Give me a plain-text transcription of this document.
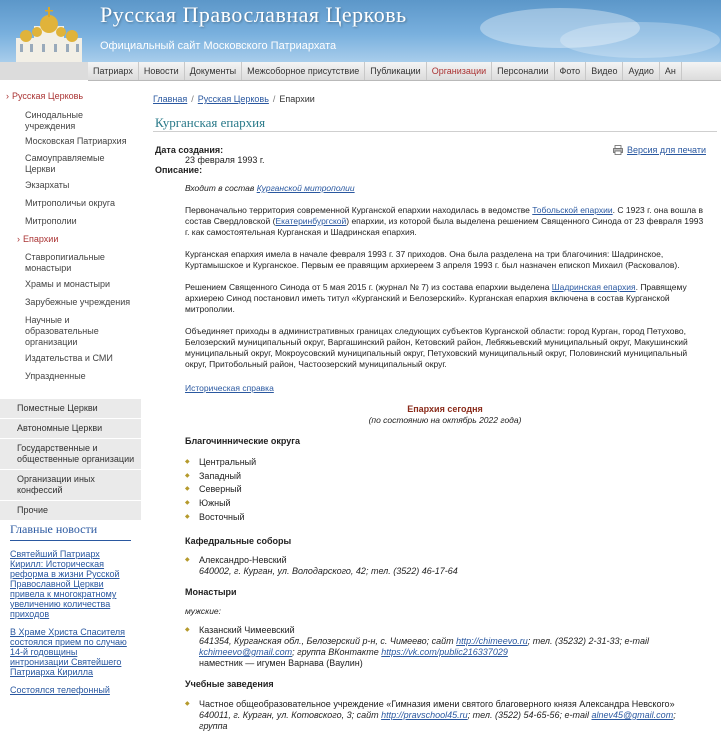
Русская Православная Церковь
Официальный сайт Московского Патриархата
Патриарх	Новости	Документы	Межсоборное присутствие	Публикации	Организации	Персоналии	Фото	Видео	Аудио	Ан
› Русская Церковь
Синодальные учреждения
Московская Патриархия
Самоуправляемые Церкви
Экзархаты
Митрополичьи округа
Митрополии
› Епархии
Ставропигиальные монастыри
Храмы и монастыри
Зарубежные учреждения
Научные и образовательные организации
Издательства и СМИ
Упраздненные
Поместные Церкви
Автономные Церкви
Государственные и общественные организации
Организации иных конфессий
Прочие
Главные новости
Святейший Патриарх Кирилл: Историческая реформа в жизни Русской Православной Церкви привела к многократному увеличению количества приходов
В Храме Христа Спасителя состоялся прием по случаю 14-й годовщины интронизации Святейшего Патриарха Кирилла
Состоялся телефонный
Главная / Русская Церковь / Епархии
Курганская епархия
Версия для печати
Дата создания:
23 февраля 1993 г.
Описание:
Входит в состав Курганской митрополии
Первоначально территория современной Курганской епархии находилась в ведомстве Тобольской епархии. С 1923 г. она вошла в состав Свердловской (Екатеринбургской) епархии, из которой была выделена решением Священного Синода от 23 февраля 1993 г. как самостоятельная Курганская и Шадринская епархия.
Курганская епархия имела в начале февраля 1993 г. 37 приходов. Она была разделена на три благочиния: Шадринское, Куртамышское и Курганское. Первым ее правящим архиереем 3 апреля 1993 г. был назначен епископ Михаил (Расковалов).
Решением Священного Синода от 5 мая 2015 г. (журнал № 7) из состава епархии выделена Шадринская епархия. Правящему архиерею Синод постановил иметь титул «Курганский и Белозерский». Курганская епархия включена в состав Курганской митрополии.
Объединяет приходы в административных границах следующих субъектов Курганской области: город Курган, город Петухово, Белозерский муниципальный округ, Варгашинский район, Кетовский район, Лебяжьевский муниципальный округ, Макушинский муниципальный округ, Мокроусовский муниципальный округ, Петуховский муниципальный округ, Половинский муниципальный округ, Притобольный район, Частоозерский муниципальный округ.
Историческая справка
Епархия сегодня
(по состоянию на октябрь 2022 года)
Благочиннические округа
◆ Центральный
◆ Западный
◆ Северный
◆ Южный
◆ Восточный
Кафедральные соборы
◆ Александро-Невский
640002, г. Курган, ул. Володарского, 42; тел. (3522) 46-17-64
Монастыри
мужские:
◆ Казанский Чимеевский
641354, Курганская обл., Белозерский р-н, с. Чимеево; сайт http://chimeevo.ru; тел. (35232) 2-31-33; e-mail kchimeevo@gmail.com; группа ВКонтакте https://vk.com/public216337029
наместник — игумен Варнава (Ваулин)
Учебные заведения
◆ Частное общеобразовательное учреждение «Гимназия имени святого благоверного князя Александра Невского»
640011, г. Курган, ул. Котовского, 3; сайт http://pravschool45.ru; тел. (3522) 54-65-56; e-mail alnev45@gmail.com; группа
